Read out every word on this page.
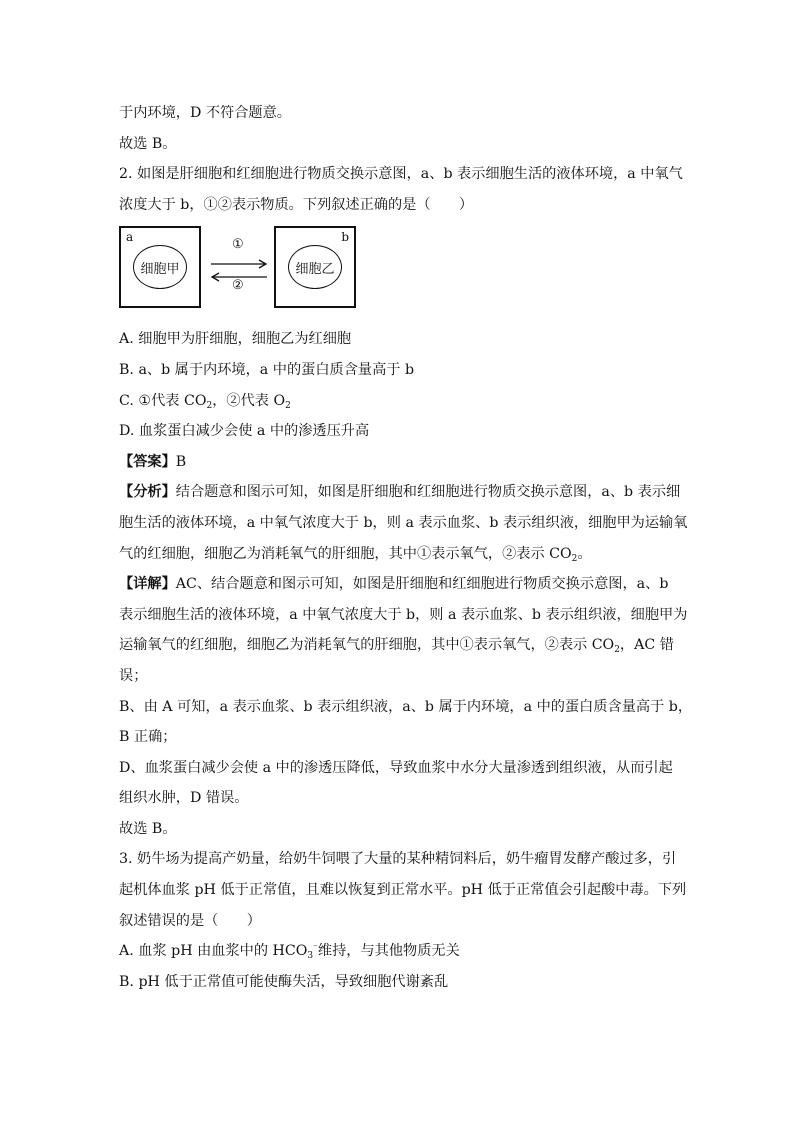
于内环境，D 不符合题意。
故选 B。
2. 如图是肝细胞和红细胞进行物质交换示意图，a、b 表示细胞生活的液体环境，a 中氧气
浓度大于 b，①②表示物质。下列叙述正确的是（　　）
a
细胞甲
①
②
b
细胞乙
A. 细胞甲为肝细胞，细胞乙为红细胞
B. a、b 属于内环境，a 中的蛋白质含量高于 b
C. ①代表 $CO_2$，②代表 $O_2$
D. 血浆蛋白减少会使 a 中的渗透压升高
【答案】B
【分析】结合题意和图示可知，如图是肝细胞和红细胞进行物质交换示意图，a、b 表示细
胞生活的液体环境，a 中氧气浓度大于 b，则 a 表示血浆、b 表示组织液，细胞甲为运输氧
气的红细胞，细胞乙为消耗氧气的肝细胞，其中①表示氧气，②表示 $CO_2$。
【详解】AC、结合题意和图示可知，如图是肝细胞和红细胞进行物质交换示意图，a、b
表示细胞生活的液体环境，a 中氧气浓度大于 b，则 a 表示血浆、b 表示组织液，细胞甲为
运输氧气的红细胞，细胞乙为消耗氧气的肝细胞，其中①表示氧气，②表示 $CO_2$，AC 错
误；
B、由 A 可知，a 表示血浆、b 表示组织液，a、b 属于内环境，a 中的蛋白质含量高于 b，
B 正确；
D、血浆蛋白减少会使 a 中的渗透压降低，导致血浆中水分大量渗透到组织液，从而引起
组织水肿，D 错误。
故选 B。
3. 奶牛场为提高产奶量，给奶牛饲喂了大量的某种精饲料后，奶牛瘤胃发酵产酸过多，引
起机体血浆 pH 低于正常值，且难以恢复到正常水平。pH 低于正常值会引起酸中毒。下列
叙述错误的是（　　）
A. 血浆 pH 由血浆中的 $HCO_3^{^-}$维持，与其他物质无关
B. pH 低于正常值可能使酶失活，导致细胞代谢紊乱
